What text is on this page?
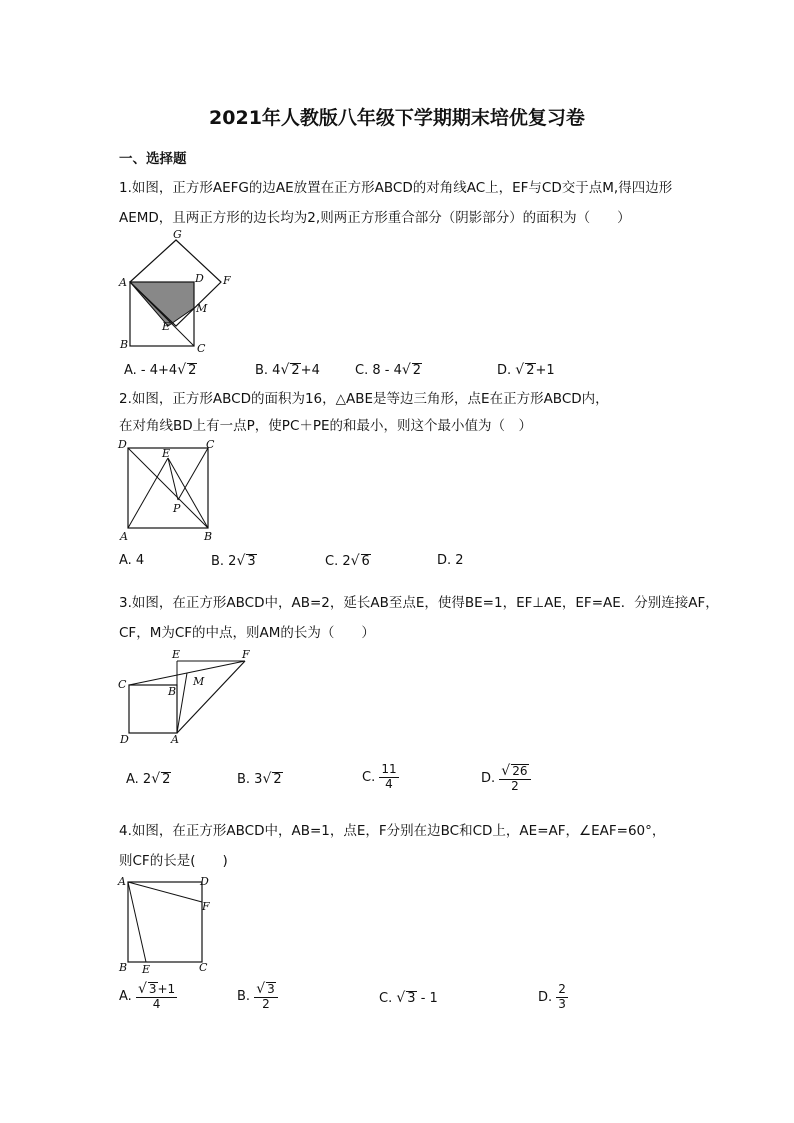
2021年人教版八年级下学期期末培优复习卷
一、选择题
1.如图，正方形AEFG的边AE放置在正方形ABCD的对角线AC上，EF与CD交于点M,得四边形
AEMD，且两正方形的边长均为2,则两正方形重合部分（阴影部分）的面积为（　　）
G
A	D F
M
E
B	C
A. - 4+4√ 2	B. 4√ 2+4	C. 8 - 4√ 2	D. √ 2+1
2.如图，正方形ABCD的面积为16，△ABE是等边三角形，点E在正方形ABCD内，
在对角线BD上有一点P，使PC＋PE的和最小，则这个最小值为（　）
D	C
E
P
A	B
A. 4	B. 2√ 3	C. 2√ 6	D. 2
3.如图，在正方形ABCD中，AB=2，延长AB至点E，使得BE=1，EF⊥AE，EF=AE．分别连接AF，
CF，M为CF的中点，则AM的长为（　　）
E	F
C
B
M
D	A
A. 2√ 2	B. 3√ 2	C. $\frac{11}{4}$	D. $\frac{√ 26}{2}$
4.如图，在正方形ABCD中，AB=1，点E，F分别在边BC和CD上，AE=AF，∠EAF=60°，
则CF的长是(　　)
A	D
F
B E	C
A. $\frac{√ 3+1}{4}$	B. $\frac{√ 3}{2}$	C. √ 3 - 1	D. $\frac{2}{3}$
